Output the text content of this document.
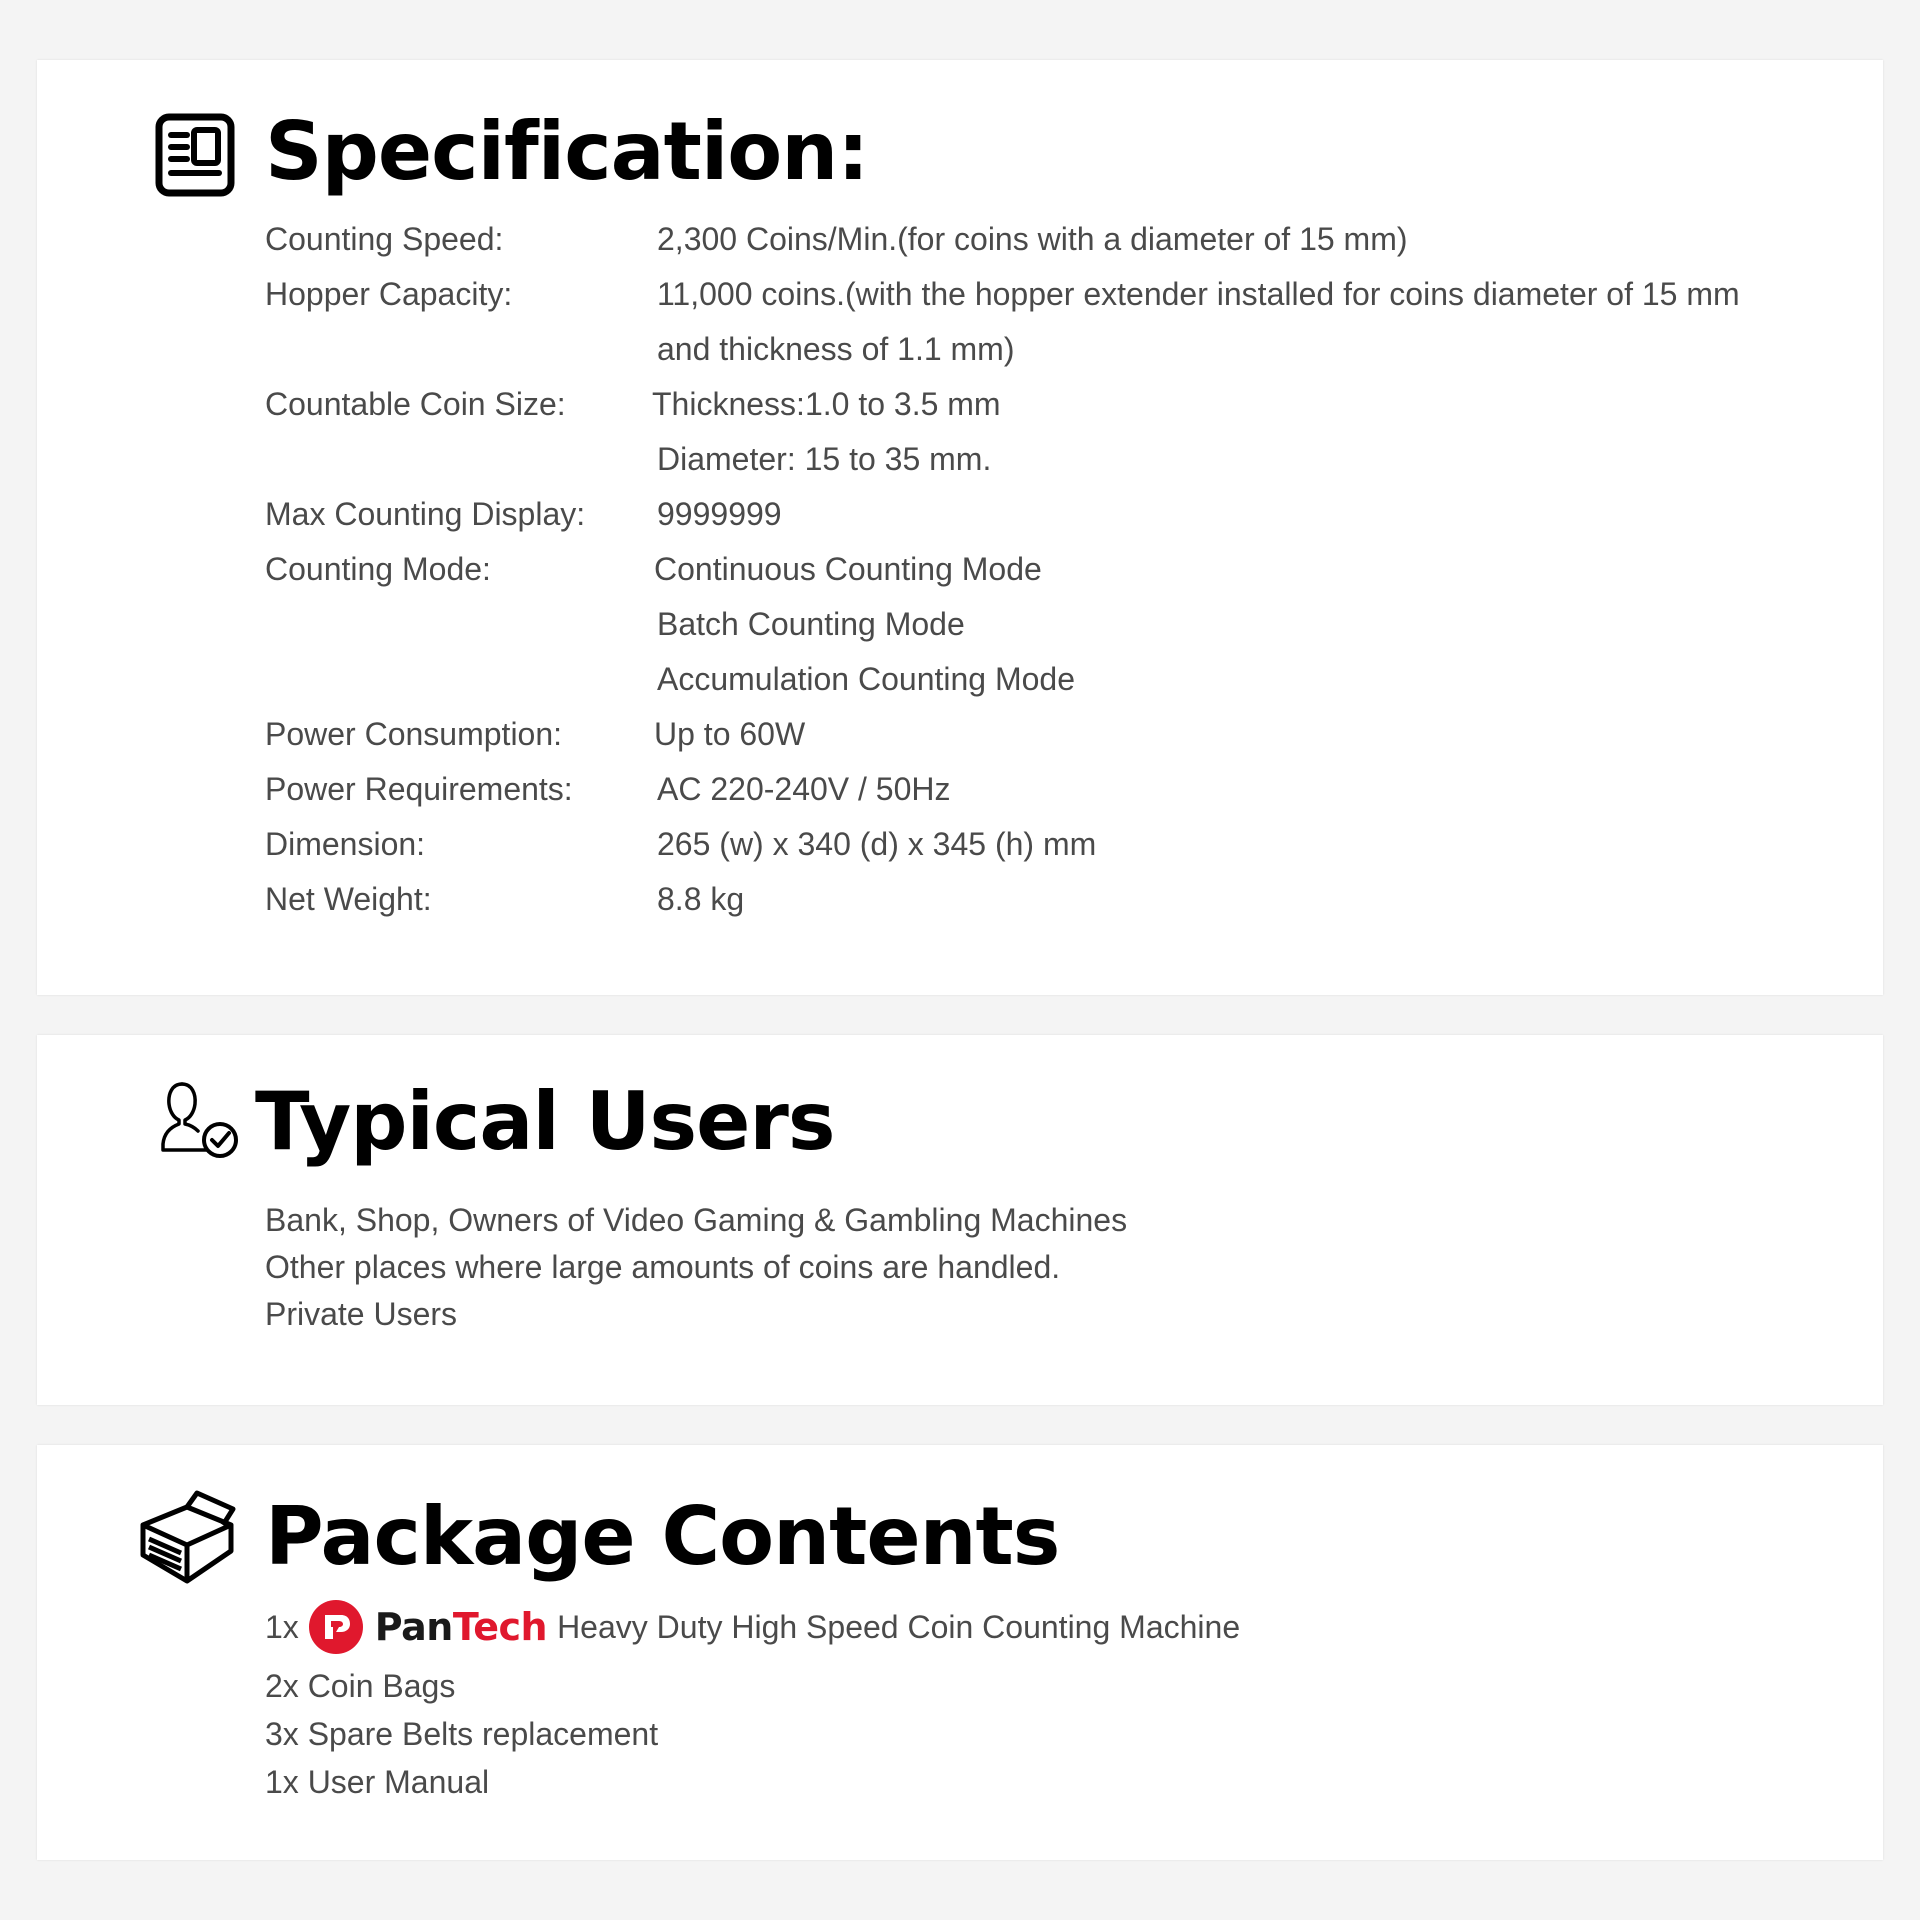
Specification:
Counting Speed:	2,300 Coins/Min.(for coins with a diameter of 15 mm)
Hopper Capacity:	11,000 coins.(with the hopper extender installed for coins diameter of 15 mm
and thickness of 1.1 mm)
Countable Coin Size:	Thickness:1.0 to 3.5 mm
Diameter: 15 to 35 mm.
Max Counting Display: 9999999
Counting Mode:	Continuous Counting Mode
Batch Counting Mode
Accumulation Counting Mode
Power Consumption:	Up to 60W
Power Requirements:	AC 220-240V / 50Hz
Dimension:	265 (w) x 340 (d) x 345 (h) mm
Net Weight:	8.8 kg
Typical Users
Bank, Shop, Owners of Video Gaming & Gambling Machines
Other places where large amounts of coins are handled.
Private Users
Package Contents
1x PanTech Heavy Duty High Speed Coin Counting Machine
2x Coin Bags
3x Spare Belts replacement
1x User Manual
